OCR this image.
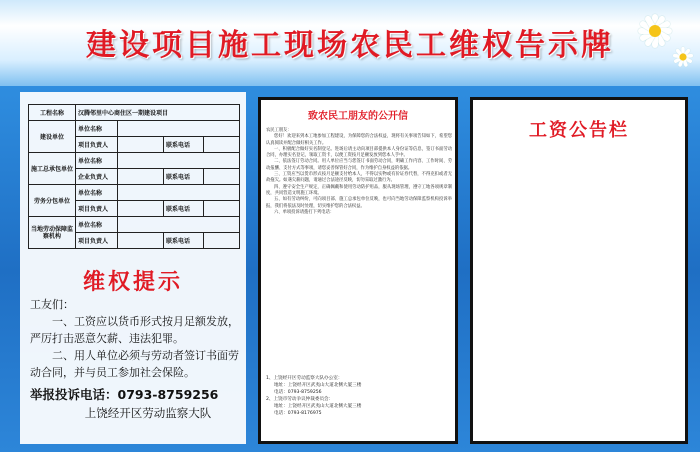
建设项目施工现场农民工维权告示牌
工程名称	汉腾邻里中心商住区一期建设项目			
建设单位	单位名称			
	项目负责人		联系电话	
施工总承包单位	单位名称			
	企业负责人		联系电话	
劳务分包单位	单位名称			
	项目负责人		联系电话	
当地劳动保障监察机构	单位名称			
	项目负责人		联系电话	
维权提示

工友们：

一、工资应以货币形式按月足额发放，严厉打击恶意欠薪、违法犯罪。

二、用人单位必须与劳动者签订书面劳动合同，并与员工参加社会保险。

举报投诉电话：0793-8759256
上饶经开区劳动监察大队
致农民工朋友的公开信

农民工朋友：

您好！欢迎来到本工地参加工程建设，为保障您的合法权益，现将有关事项告知如下，希望您认真阅读并配合做好相关工作。

一、积极配合做好实名制登记。进场后请主动向项目部提供本人身份证等信息，签订书面劳动合同，办理实名登记，领取工资卡，以便工资按月足额发放到您本人手中。

二、依法签订劳动合同。用人单位应当与您签订书面劳动合同，明确工作内容、工作时间、劳动报酬、支付方式等事项，请您妥善保管好合同，作为维护自身权益的依据。

三、工资应当以货币形式按月足额支付给本人，不得以实物或有价证券代替，不得克扣或者无故拖欠。如遇欠薪问题，请通过合法途径反映，切勿采取过激行为。

四、遵守安全生产规定，正确佩戴和使用劳动防护用品，服从现场管理，遵守工地各项规章制度，共同营造文明施工环境。

五、如有劳动纠纷，可向项目部、施工总承包单位反映，也可向当地劳动保障监察机构投诉举报，我们将依法及时处理，切实维护您的合法权益。

六、单项投诉请拨打下列电话：

1、上饶经开区劳动监察大队办公室：
地址：上饶经开区武夷山大道北侧大厦三楼
电话：0793-8759256
2、上饶市劳动争议仲裁委员会：
地址：上饶经开区武夷山大道北侧大厦三楼
电话：0793-8176975
工资公告栏
